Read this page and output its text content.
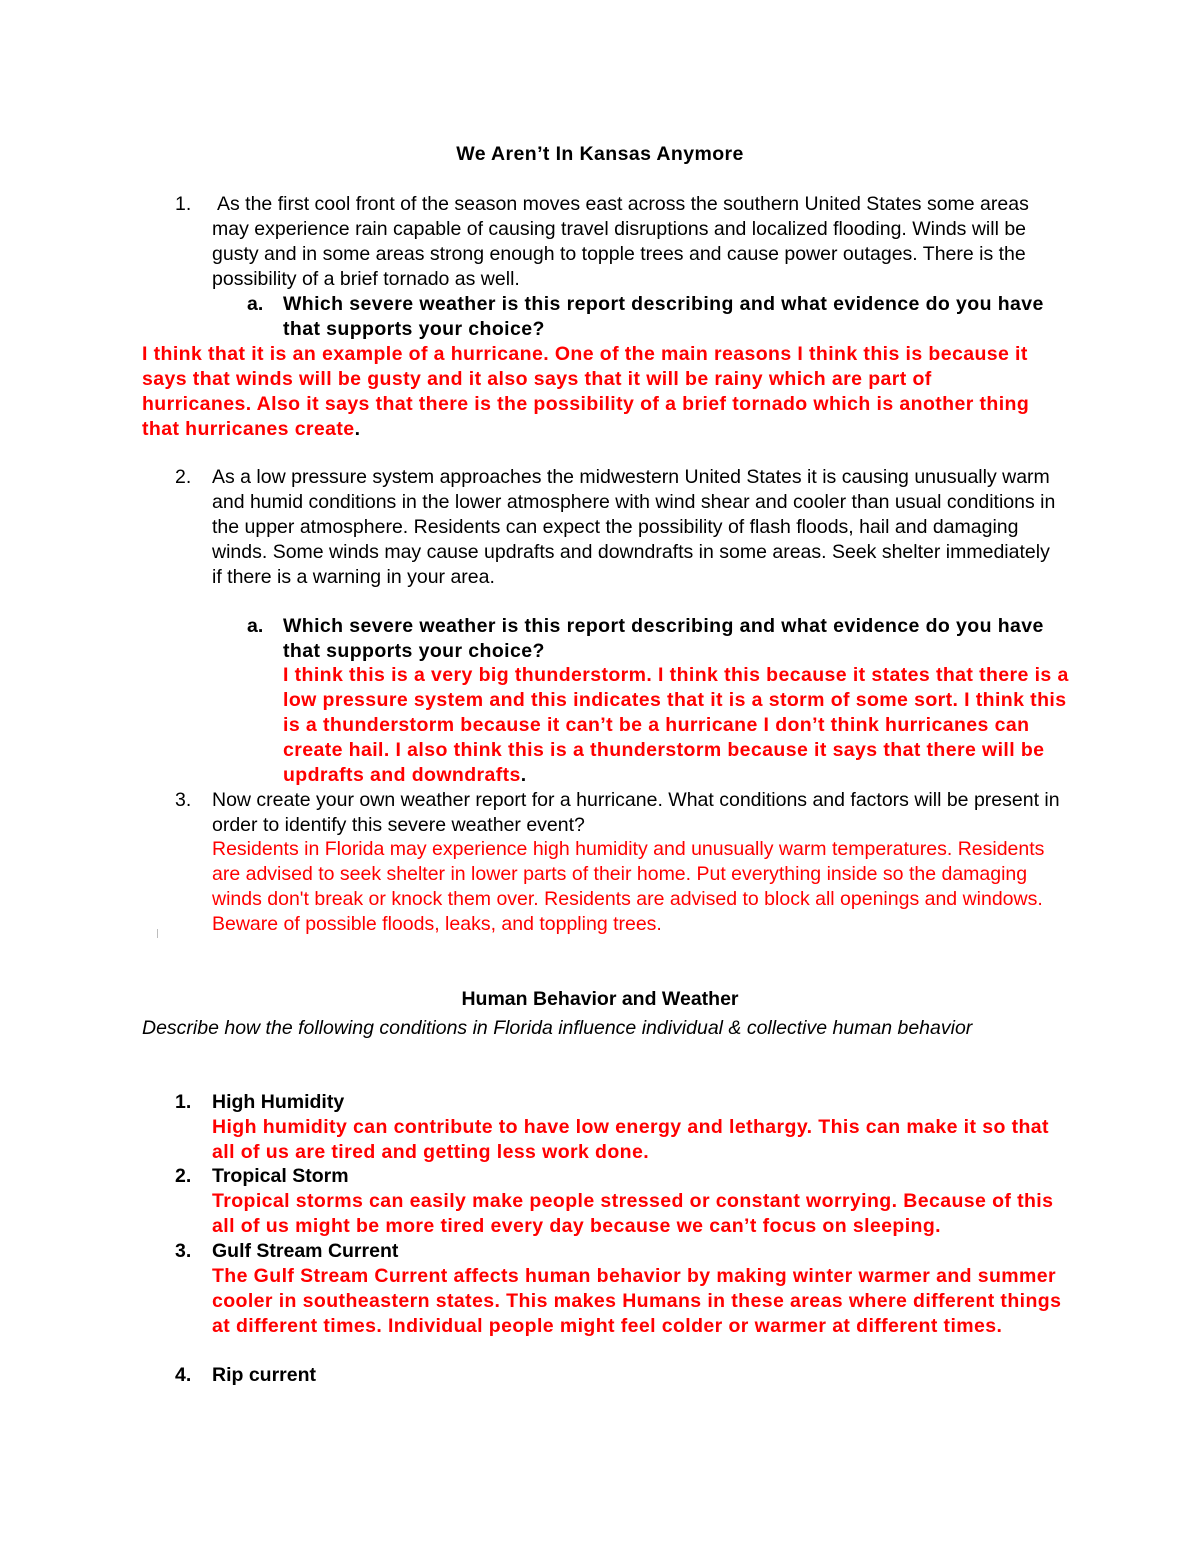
We Aren’t In Kansas Anymore
1. As the first cool front of the season moves east across the southern United States some areas may experience rain capable of causing travel disruptions and localized flooding. Winds will be gusty and in some areas strong enough to topple trees and cause power outages. There is the possibility of a brief tornado as well.
a. Which severe weather is this report describing and what evidence do you have that supports your choice?
I think that it is an example of a hurricane. One of the main reasons I think this is because it says that winds will be gusty and it also says that it will be rainy which are part of hurricanes. Also it says that there is the possibility of a brief tornado which is another thing that hurricanes create.
2. As a low pressure system approaches the midwestern United States it is causing unusually warm and humid conditions in the lower atmosphere with wind shear and cooler than usual conditions in the upper atmosphere. Residents can expect the possibility of flash floods, hail and damaging winds. Some winds may cause updrafts and downdrafts in some areas. Seek shelter immediately if there is a warning in your area.
a. Which severe weather is this report describing and what evidence do you have that supports your choice?
I think this is a very big thunderstorm. I think this because it states that there is a low pressure system and this indicates that it is a storm of some sort. I think this is a thunderstorm because it can’t be a hurricane I don’t think hurricanes can create hail. I also think this is a thunderstorm because it says that there will be updrafts and downdrafts.
3. Now create your own weather report for a hurricane. What conditions and factors will be present in order to identify this severe weather event?
Residents in Florida may experience high humidity and unusually warm temperatures. Residents are advised to seek shelter in lower parts of their home. Put everything inside so the damaging winds don't break or knock them over. Residents are advised to block all openings and windows. Beware of possible floods, leaks, and toppling trees.
Human Behavior and Weather
Describe how the following conditions in Florida influence individual & collective human behavior
1. High Humidity
High humidity can contribute to have low energy and lethargy. This can make it so that all of us are tired and getting less work done.
2. Tropical Storm
Tropical storms can easily make people stressed or constant worrying. Because of this all of us might be more tired every day because we can’t focus on sleeping.
3. Gulf Stream Current
The Gulf Stream Current affects human behavior by making winter warmer and summer cooler in southeastern states. This makes Humans in these areas where different things at different times. Individual people might feel colder or warmer at different times.
4. Rip current
